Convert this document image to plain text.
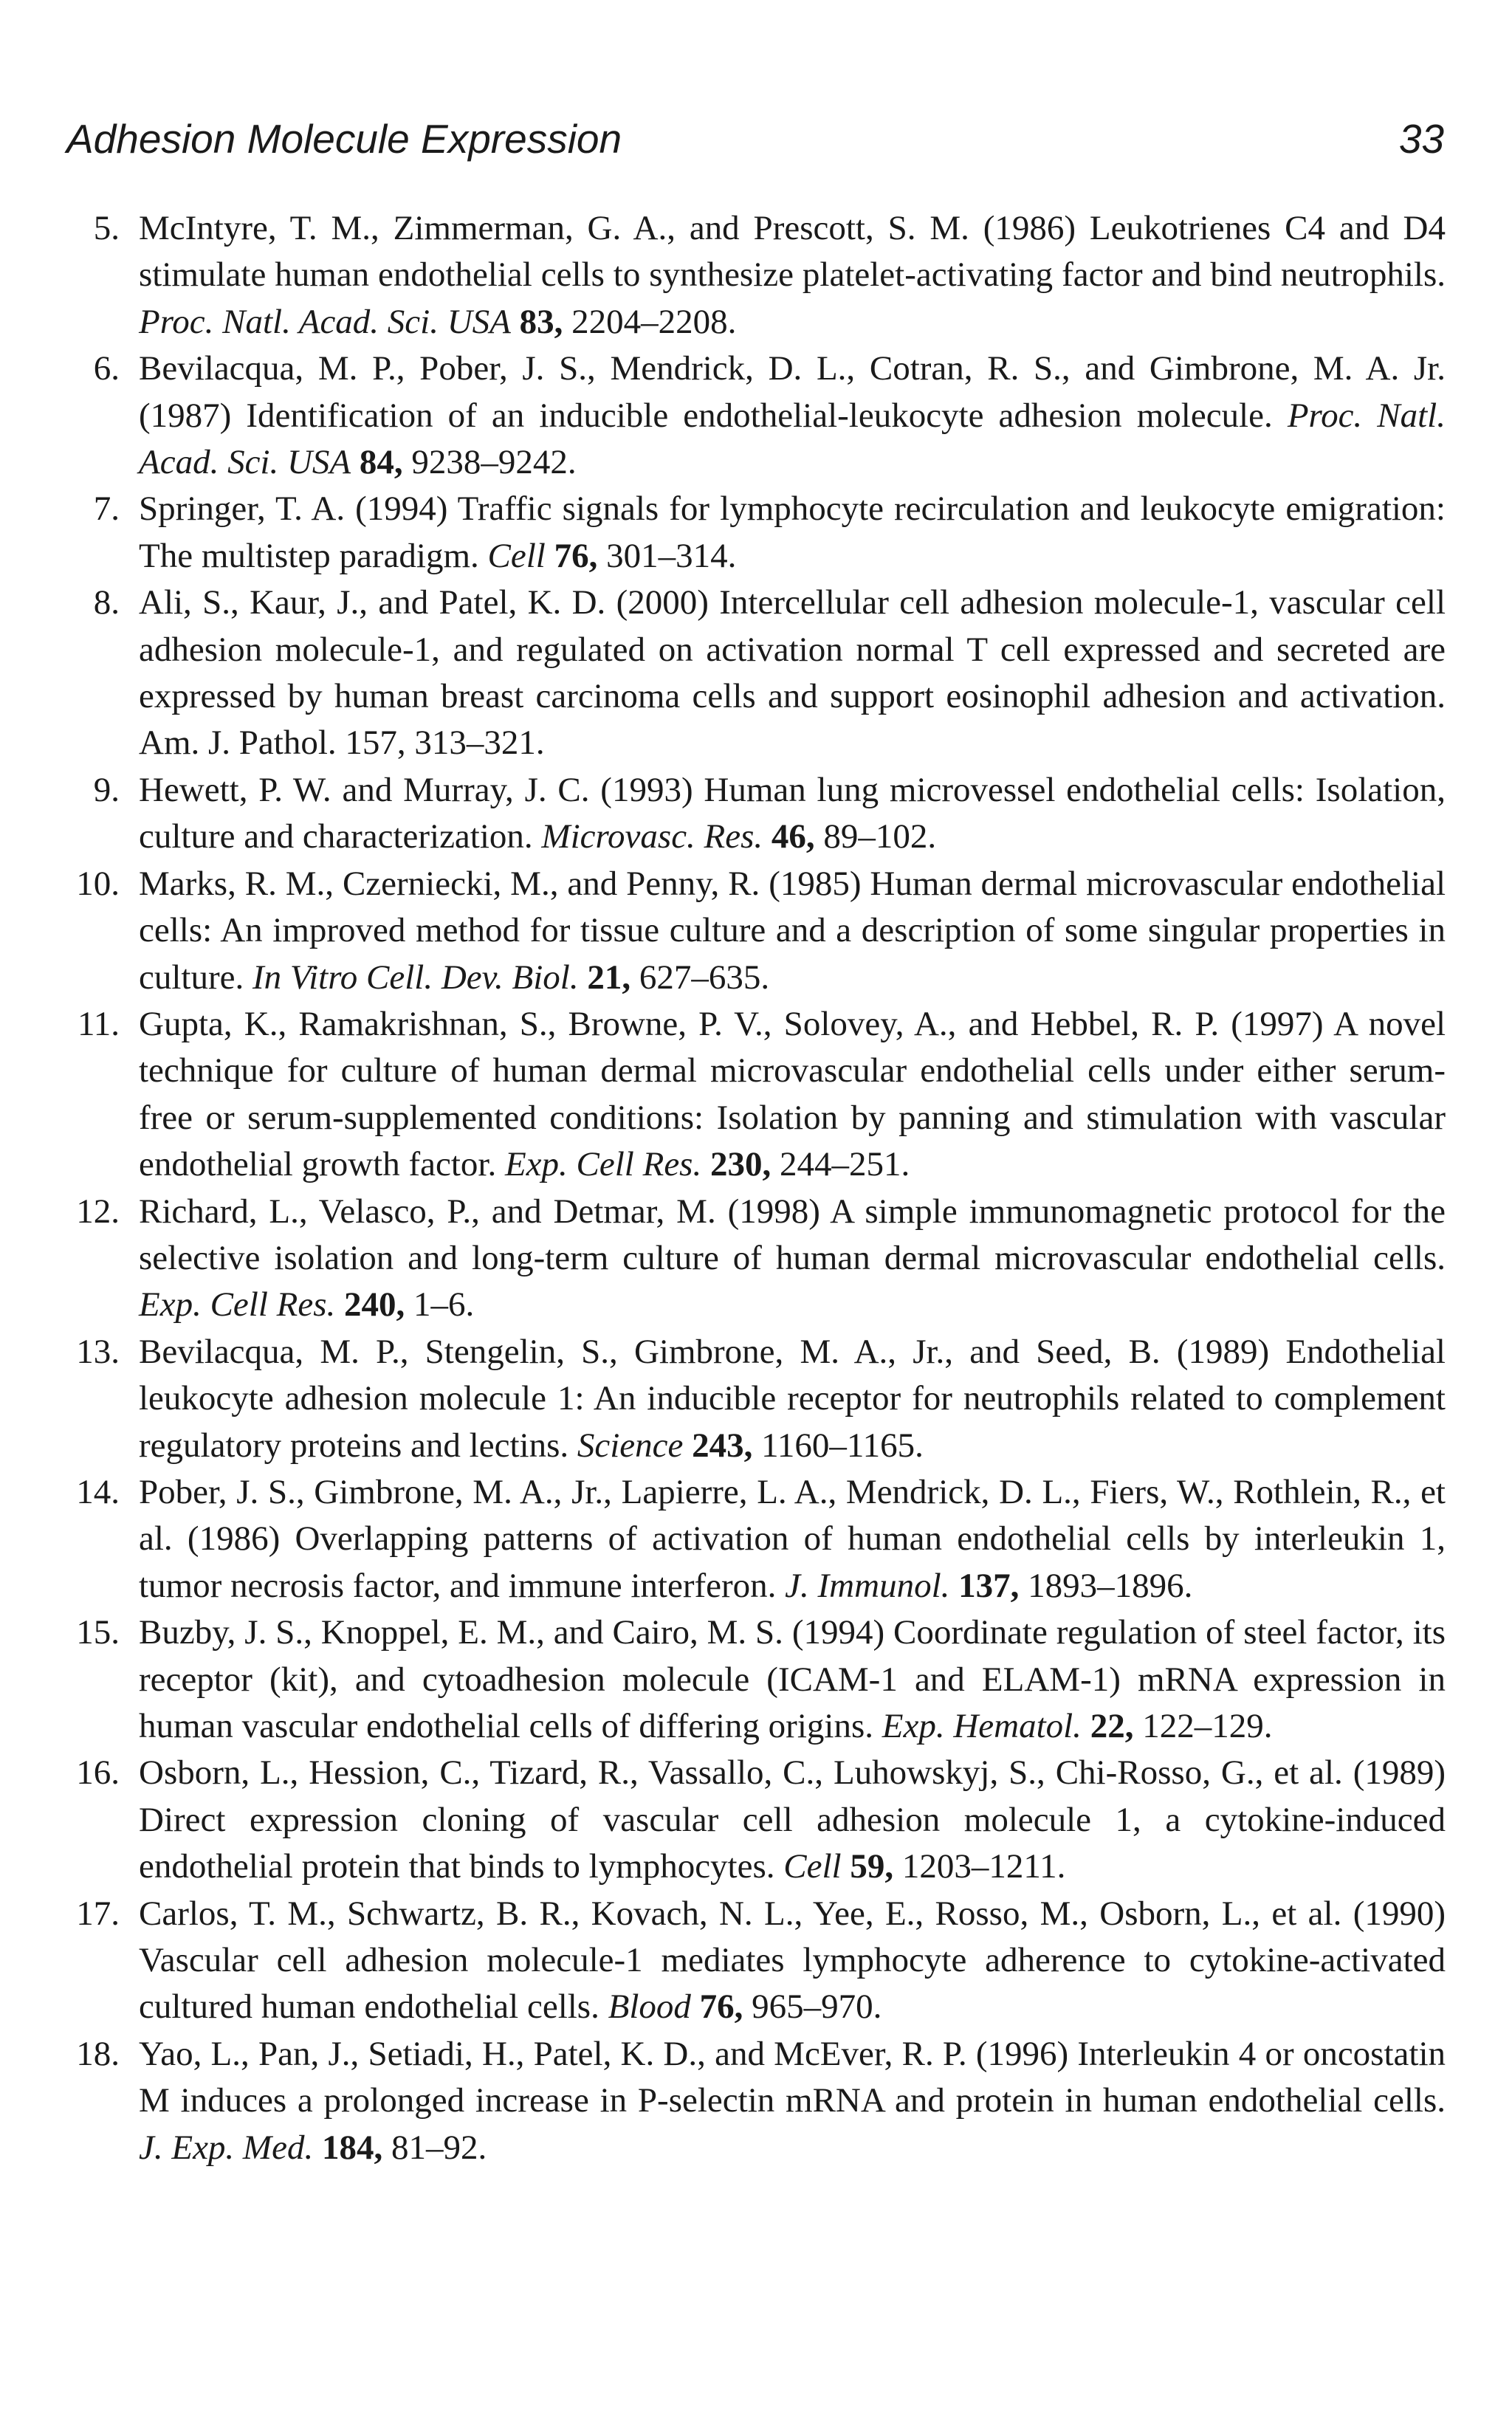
Adhesion Molecule Expression	33
5. McIntyre, T. M., Zimmerman, G. A., and Prescott, S. M. (1986) Leukotrienes C4 and D4 stimulate human endothelial cells to synthesize platelet-activating factor and bind neutrophils. Proc. Natl. Acad. Sci. USA 83, 2204–2208.
6. Bevilacqua, M. P., Pober, J. S., Mendrick, D. L., Cotran, R. S., and Gimbrone, M. A. Jr. (1987) Identification of an inducible endothelial-leukocyte adhesion molecule. Proc. Natl. Acad. Sci. USA 84, 9238–9242.
7. Springer, T. A. (1994) Traffic signals for lymphocyte recirculation and leukocyte emigration: The multistep paradigm. Cell 76, 301–314.
8. Ali, S., Kaur, J., and Patel, K. D. (2000) Intercellular cell adhesion molecule-1, vascular cell adhesion molecule-1, and regulated on activation normal T cell expressed and secreted are expressed by human breast carcinoma cells and support eosinophil adhesion and activation. Am. J. Pathol. 157, 313–321.
9. Hewett, P. W. and Murray, J. C. (1993) Human lung microvessel endothelial cells: Isolation, culture and characterization. Microvasc. Res. 46, 89–102.
10. Marks, R. M., Czerniecki, M., and Penny, R. (1985) Human dermal microvascular endothelial cells: An improved method for tissue culture and a description of some singular properties in culture. In Vitro Cell. Dev. Biol. 21, 627–635.
11. Gupta, K., Ramakrishnan, S., Browne, P. V., Solovey, A., and Hebbel, R. P. (1997) A novel technique for culture of human dermal microvascular endothelial cells under either serum-free or serum-supplemented conditions: Isolation by panning and stimulation with vascular endothelial growth factor. Exp. Cell Res. 230, 244–251.
12. Richard, L., Velasco, P., and Detmar, M. (1998) A simple immunomagnetic protocol for the selective isolation and long-term culture of human dermal microvascular endothelial cells. Exp. Cell Res. 240, 1–6.
13. Bevilacqua, M. P., Stengelin, S., Gimbrone, M. A., Jr., and Seed, B. (1989) Endothelial leukocyte adhesion molecule 1: An inducible receptor for neutrophils related to complement regulatory proteins and lectins. Science 243, 1160–1165.
14. Pober, J. S., Gimbrone, M. A., Jr., Lapierre, L. A., Mendrick, D. L., Fiers, W., Rothlein, R., et al. (1986) Overlapping patterns of activation of human endothelial cells by interleukin 1, tumor necrosis factor, and immune interferon. J. Immunol. 137, 1893–1896.
15. Buzby, J. S., Knoppel, E. M., and Cairo, M. S. (1994) Coordinate regulation of steel factor, its receptor (kit), and cytoadhesion molecule (ICAM-1 and ELAM-1) mRNA expression in human vascular endothelial cells of differing origins. Exp. Hematol. 22, 122–129.
16. Osborn, L., Hession, C., Tizard, R., Vassallo, C., Luhowskyj, S., Chi-Rosso, G., et al. (1989) Direct expression cloning of vascular cell adhesion molecule 1, a cytokine-induced endothelial protein that binds to lymphocytes. Cell 59, 1203–1211.
17. Carlos, T. M., Schwartz, B. R., Kovach, N. L., Yee, E., Rosso, M., Osborn, L., et al. (1990) Vascular cell adhesion molecule-1 mediates lymphocyte adherence to cytokine-activated cultured human endothelial cells. Blood 76, 965–970.
18. Yao, L., Pan, J., Setiadi, H., Patel, K. D., and McEver, R. P. (1996) Interleukin 4 or oncostatin M induces a prolonged increase in P-selectin mRNA and protein in human endothelial cells. J. Exp. Med. 184, 81–92.
